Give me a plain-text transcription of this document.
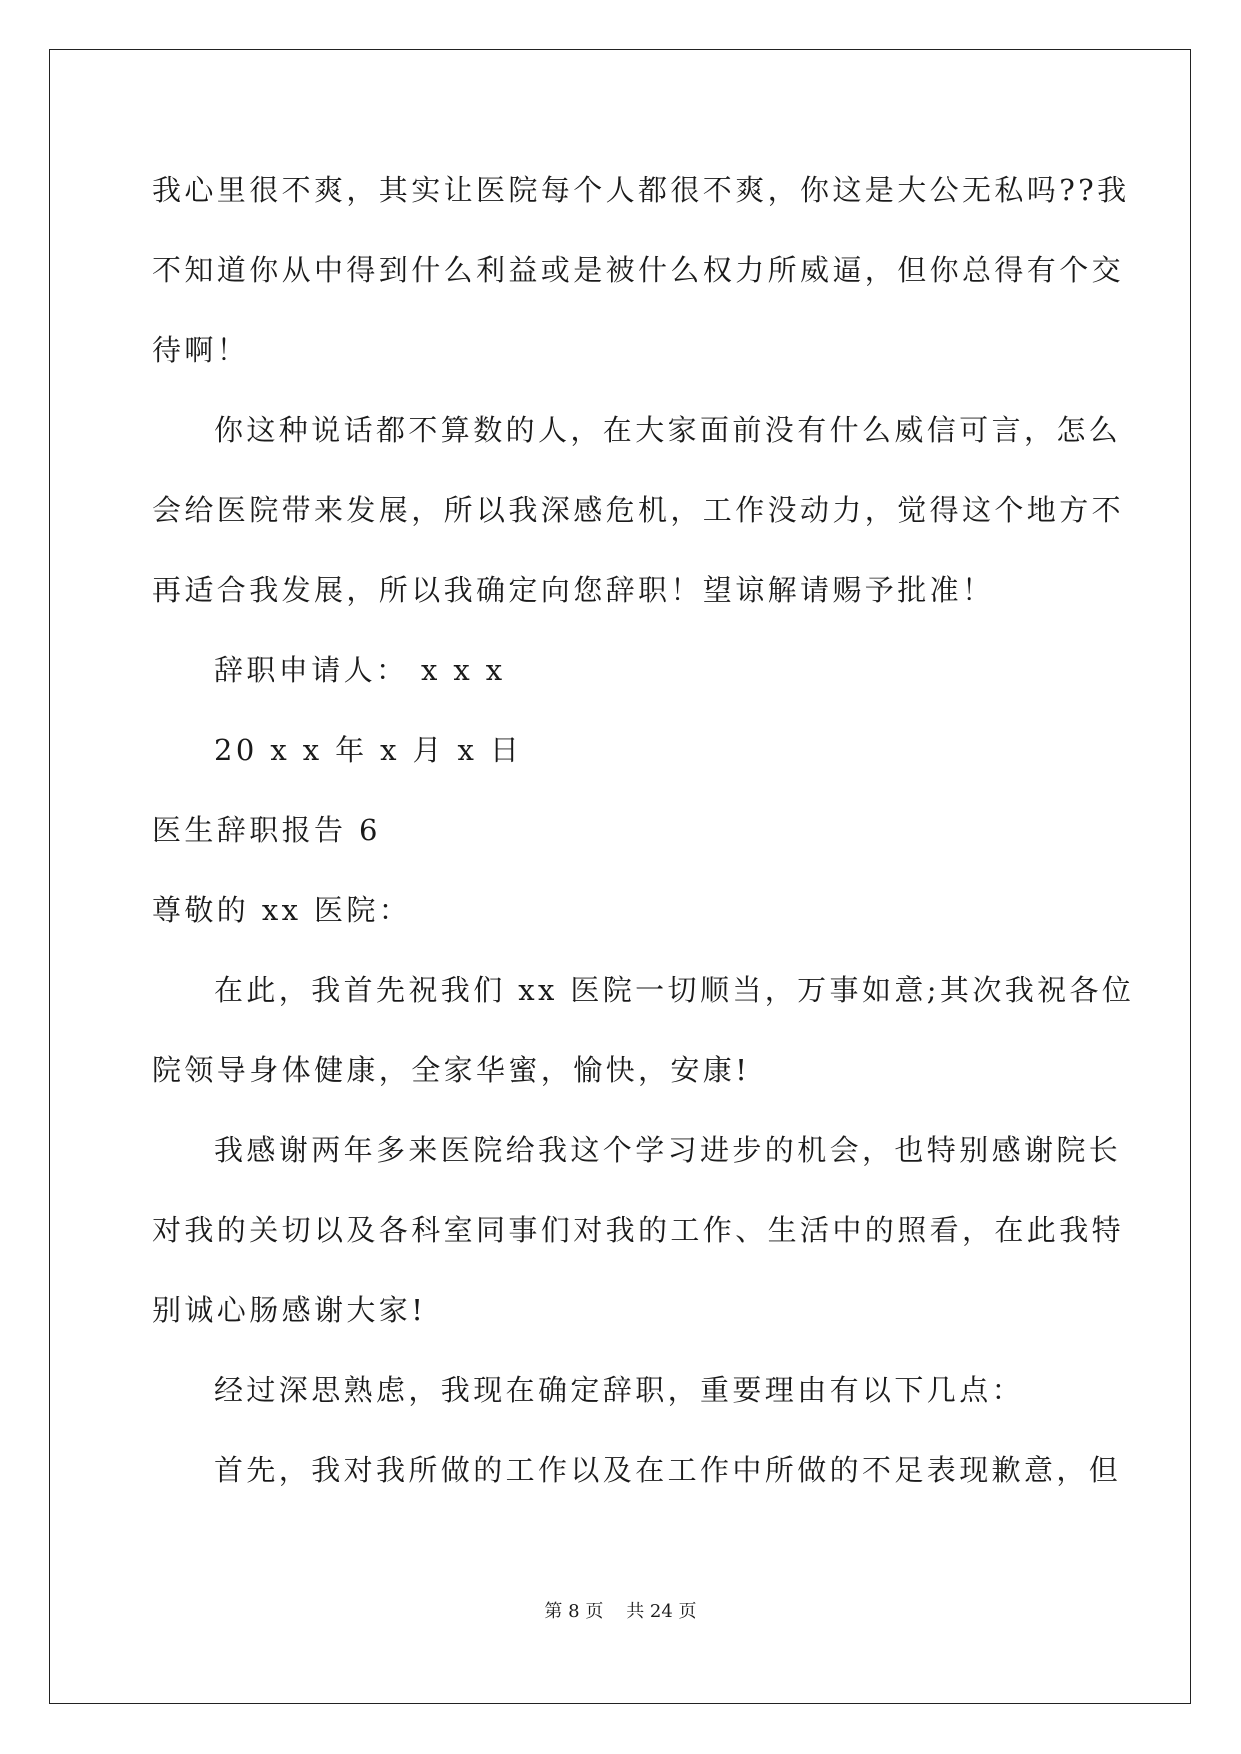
我心里很不爽，其实让医院每个人都很不爽，你这是大公无私吗??我
不知道你从中得到什么利益或是被什么权力所威逼，但你总得有个交
待啊！
你这种说话都不算数的人，在大家面前没有什么威信可言，怎么
会给医院带来发展，所以我深感危机，工作没动力，觉得这个地方不
再适合我发展，所以我确定向您辞职！望谅解请赐予批准！
辞职申请人： x x x
20 x x 年 x 月 x 日
医生辞职报告 6
尊敬的 xx 医院：
在此，我首先祝我们 xx 医院一切顺当，万事如意;其次我祝各位
院领导身体健康，全家华蜜，愉快，安康!
我感谢两年多来医院给我这个学习进步的机会，也特别感谢院长
对我的关切以及各科室同事们对我的工作、生活中的照看，在此我特
别诚心肠感谢大家!
经过深思熟虑，我现在确定辞职，重要理由有以下几点：
首先，我对我所做的工作以及在工作中所做的不足表现歉意，但
第 8 页    共 24 页
